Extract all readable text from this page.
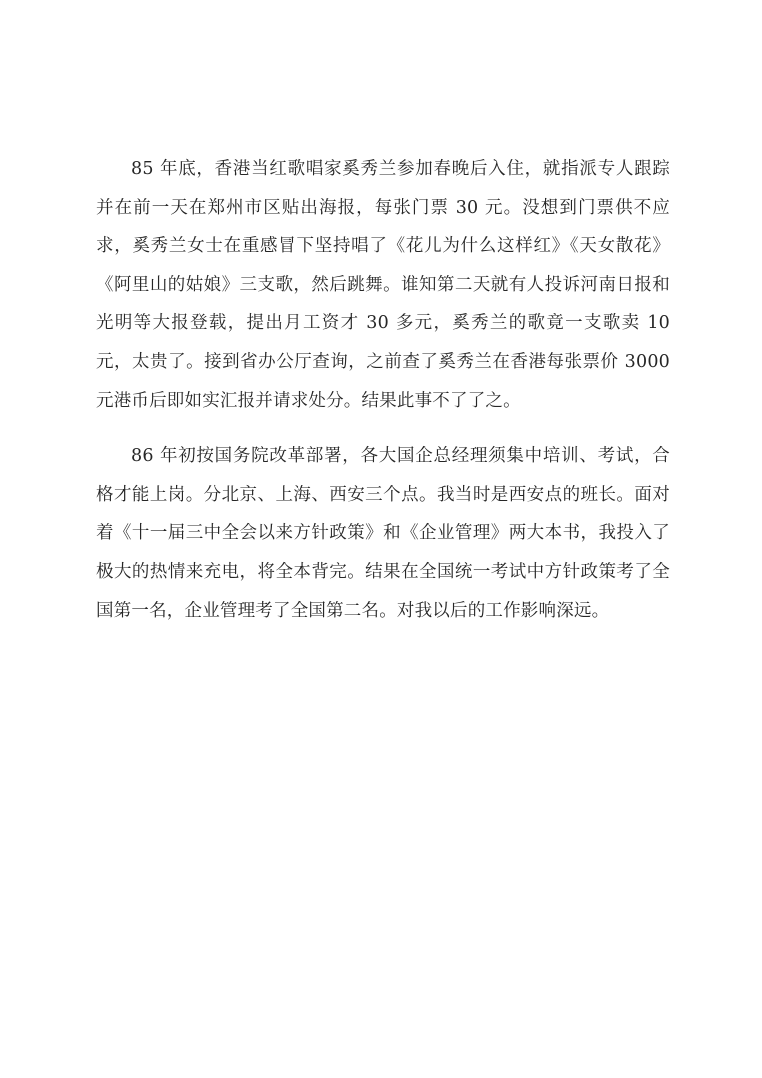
85 年底，香港当红歌唱家奚秀兰参加春晚后入住，就指派专人跟踪并在前一天在郑州市区贴出海报，每张门票 30 元。没想到门票供不应求，奚秀兰女士在重感冒下坚持唱了《花儿为什么这样红》《天女散花》《阿里山的姑娘》三支歌，然后跳舞。谁知第二天就有人投诉河南日报和光明等大报登载，提出月工资才 30 多元，奚秀兰的歌竟一支歌卖 10 元，太贵了。接到省办公厅查询，之前查了奚秀兰在香港每张票价 3000 元港币后即如实汇报并请求处分。结果此事不了了之。

86 年初按国务院改革部署，各大国企总经理须集中培训、考试，合格才能上岗。分北京、上海、西安三个点。我当时是西安点的班长。面对着《十一届三中全会以来方针政策》和《企业管理》两大本书，我投入了极大的热情来充电，将全本背完。结果在全国统一考试中方针政策考了全国第一名，企业管理考了全国第二名。对我以后的工作影响深远。
